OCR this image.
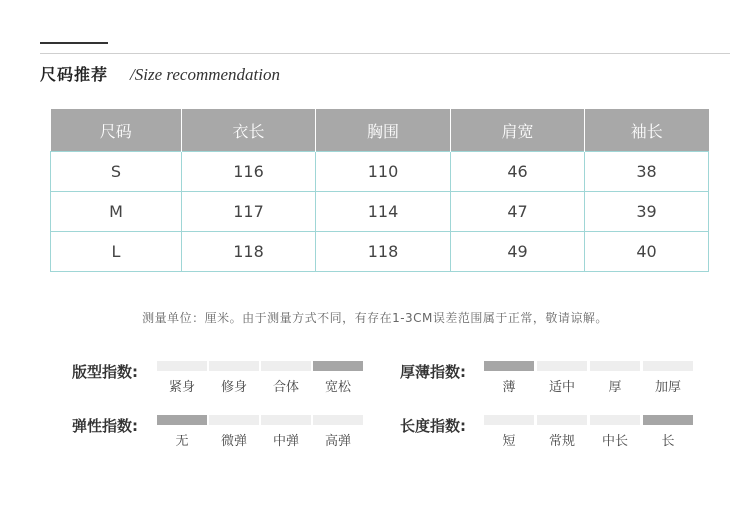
尺码推荐 /Size recommendation
尺码	衣长	胸围	肩宽	袖长
S	116	110	46	38
M	117	114	47	39
L	118	118	49	40
测量单位：厘米。由于测量方式不同，有存在1-3CM误差范围属于正常，敬请谅解。
版型指数:
紧身	修身	合体	宽松
厚薄指数:
薄	适中	厚	加厚
弹性指数:
无	微弹	中弹	高弹
长度指数:
短	常规	中长	长
